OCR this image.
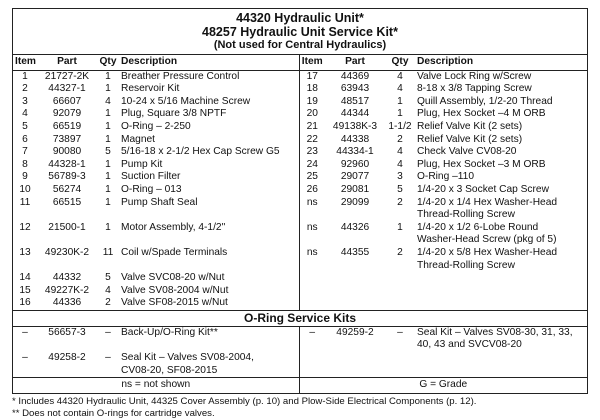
44320 Hydraulic Unit*
48257 Hydraulic Unit Service Kit*
(Not used for Central Hydraulics)
Item	Part	Qty	Description	Item	Part	Qty	Description
1	21727-2K	1	Breather Pressure Control	17	44369	4	Valve Lock Ring w/Screw

2	44327-1	1	Reservoir Kit	18	63943	4	8-18 x 3/8 Tapping Screw

3	66607	4	10-24 x 5/16 Machine Screw	19	48517	1	Quill Assembly, 1/2-20 Thread

4	92079	1	Plug, Square 3/8 NPTF	20	44344	1	Plug, Hex Socket –4 M ORB

5	66519	1	O-Ring – 2-250	21	49138K-3	1-1/2	Relief Valve Kit (2 sets)

6	73897	1	Magnet	22	44338	2	Relief Valve Kit (2 sets)

7	90080	5	5/16-18 x 2-1/2 Hex Cap Screw G5	23	44334-1	4	Check Valve CV08-20

8	44328-1	1	Pump Kit	24	92960	4	Plug, Hex Socket –3 M ORB

9	56789-3	1	Suction Filter	25	29077	3	O-Ring –110

10	56274	1	O-Ring – 013	26	29081	5	1/4-20 x 3 Socket Cap Screw

11	66515	1	Pump Shaft Seal	ns	29099	2	1/4-20 x 1/4 Hex Washer-Head
Thread-Rolling Screw

12	21500-1	1	Motor Assembly, 4-1/2"	ns	44326	1	1/4-20 x 1/2 6-Lobe Round
Washer-Head Screw (pkg of 5)

13	49230K-2	11	Coil w/Spade Terminals	ns	44355	2	1/4-20 x 5/8 Hex Washer-Head
Thread-Rolling Screw

14	44332	5	Valve SVC08-20 w/Nut				

15	49227K-2	4	Valve SV08-2004 w/Nut				

16	44336	2	Valve SF08-2015 w/Nut				

O-Ring Service Kits
–	56657-3	–	Back-Up/O-Ring Kit**	–	49259-2	–	Seal Kit – Valves SV08-30, 31, 33,
40, 43 and SVCV08-20

–	49258-2	–	Seal Kit – Valves SV08-2004,
CV08-20, SF08-2015				

ns = not shown				G = Grade			
* Includes 44320 Hydraulic Unit, 44325 Cover Assembly (p. 10) and Plow-Side Electrical Components (p. 12).
** Does not contain O-rings for cartridge valves.
